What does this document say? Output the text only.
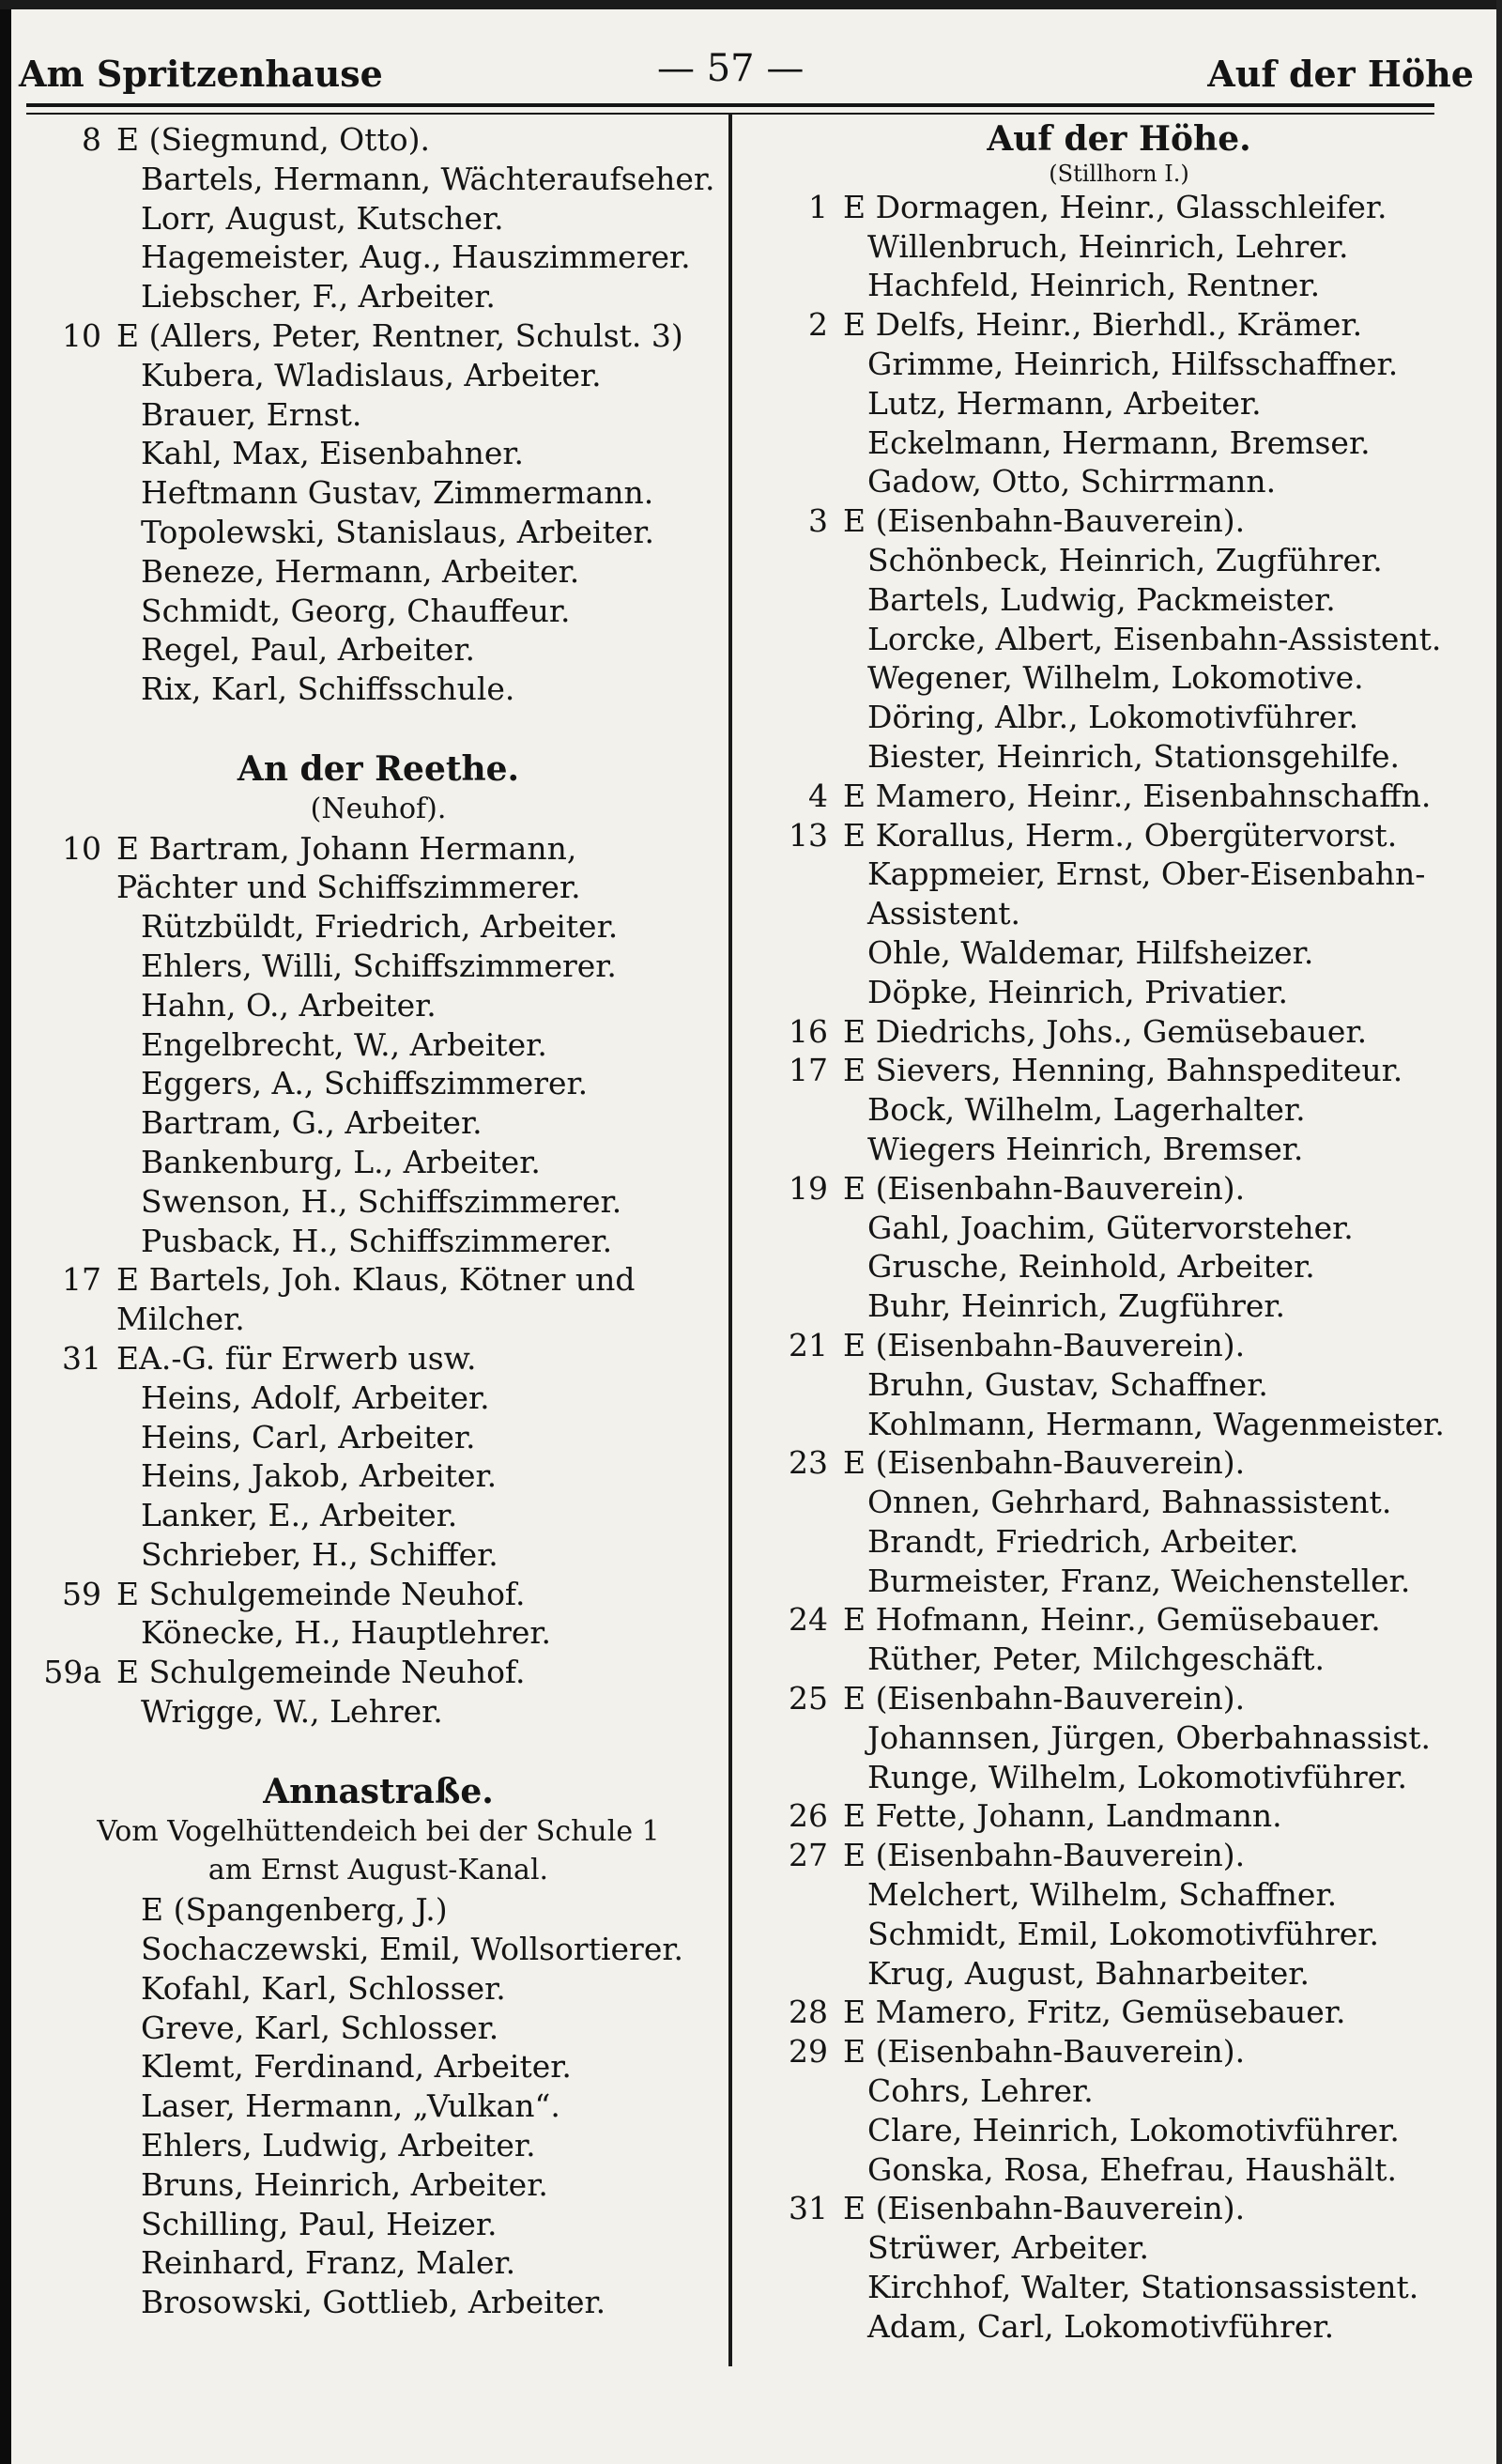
Am Spritzenhause	— 57 —	Auf der Höhe
8 E (Siegmund, Otto).
Bartels, Hermann, Wächteraufseher.
Lorr, August, Kutscher.
Hagemeister, Aug., Hauszimmerer.
Liebscher, F., Arbeiter.
10 E (Allers, Peter, Rentner, Schulst. 3)
Kubera, Wladislaus, Arbeiter.
Brauer, Ernst.
Kahl, Max, Eisenbahner.
Heftmann Gustav, Zimmermann.
Topolewski, Stanislaus, Arbeiter.
Beneze, Hermann, Arbeiter.
Schmidt, Georg, Chauffeur.
Regel, Paul, Arbeiter.
Rix, Karl, Schiffsschule.
An der Reethe.
(Neuhof).
10 E Bartram, Johann Hermann, Pächter und Schiffszimmerer.
Rützbüldt, Friedrich, Arbeiter.
Ehlers, Willi, Schiffszimmerer.
Hahn, O., Arbeiter.
Engelbrecht, W., Arbeiter.
Eggers, A., Schiffszimmerer.
Bartram, G., Arbeiter.
Bankenburg, L., Arbeiter.
Swenson, H., Schiffszimmerer.
Pusback, H., Schiffszimmerer.
17 E Bartels, Joh. Klaus, Kötner und Milcher.
31 EA.-G. für Erwerb usw.
Heins, Adolf, Arbeiter.
Heins, Carl, Arbeiter.
Heins, Jakob, Arbeiter.
Lanker, E., Arbeiter.
Schrieber, H., Schiffer.
59 E Schulgemeinde Neuhof.
Könecke, H., Hauptlehrer.
59a E Schulgemeinde Neuhof.
Wrigge, W., Lehrer.
Annastraße.
Vom Vogelhüttendeich bei der Schule 1
am Ernst August-Kanal.
E (Spangenberg, J.)
Sochaczewski, Emil, Wollsortierer.
Kofahl, Karl, Schlosser.
Greve, Karl, Schlosser.
Klemt, Ferdinand, Arbeiter.
Laser, Hermann, „Vulkan“.
Ehlers, Ludwig, Arbeiter.
Bruns, Heinrich, Arbeiter.
Schilling, Paul, Heizer.
Reinhard, Franz, Maler.
Brosowski, Gottlieb, Arbeiter.
Auf der Höhe.
(Stillhorn I.)
1 E Dormagen, Heinr., Glasschleifer.
Willenbruch, Heinrich, Lehrer.
Hachfeld, Heinrich, Rentner.
2 E Delfs, Heinr., Bierhdl., Krämer.
Grimme, Heinrich, Hilfsschaffner.
Lutz, Hermann, Arbeiter.
Eckelmann, Hermann, Bremser.
Gadow, Otto, Schirrmann.
3 E (Eisenbahn-Bauverein).
Schönbeck, Heinrich, Zugführer.
Bartels, Ludwig, Packmeister.
Lorcke, Albert, Eisenbahn-Assistent.
Wegener, Wilhelm, Lokomotive.
Döring, Albr., Lokomotivführer.
Biester, Heinrich, Stationsgehilfe.
4 E Mamero, Heinr., Eisenbahnschaffn.
13 E Korallus, Herm., Obergütervorst.
Kappmeier, Ernst, Ober-Eisenbahn-Assistent.
Ohle, Waldemar, Hilfsheizer.
Döpke, Heinrich, Privatier.
16 E Diedrichs, Johs., Gemüsebauer.
17 E Sievers, Henning, Bahnspediteur.
Bock, Wilhelm, Lagerhalter.
Wiegers Heinrich, Bremser.
19 E (Eisenbahn-Bauverein).
Gahl, Joachim, Gütervorsteher.
Grusche, Reinhold, Arbeiter.
Buhr, Heinrich, Zugführer.
21 E (Eisenbahn-Bauverein).
Bruhn, Gustav, Schaffner.
Kohlmann, Hermann, Wagenmeister.
23 E (Eisenbahn-Bauverein).
Onnen, Gehrhard, Bahnassistent.
Brandt, Friedrich, Arbeiter.
Burmeister, Franz, Weichensteller.
24 E Hofmann, Heinr., Gemüsebauer.
Rüther, Peter, Milchgeschäft.
25 E (Eisenbahn-Bauverein).
Johannsen, Jürgen, Oberbahnassist.
Runge, Wilhelm, Lokomotivführer.
26 E Fette, Johann, Landmann.
27 E (Eisenbahn-Bauverein).
Melchert, Wilhelm, Schaffner.
Schmidt, Emil, Lokomotivführer.
Krug, August, Bahnarbeiter.
28 E Mamero, Fritz, Gemüsebauer.
29 E (Eisenbahn-Bauverein).
Cohrs, Lehrer.
Clare, Heinrich, Lokomotivführer.
Gonska, Rosa, Ehefrau, Haushält.
31 E (Eisenbahn-Bauverein).
Strüwer, Arbeiter.
Kirchhof, Walter, Stationsassistent.
Adam, Carl, Lokomotivführer.
